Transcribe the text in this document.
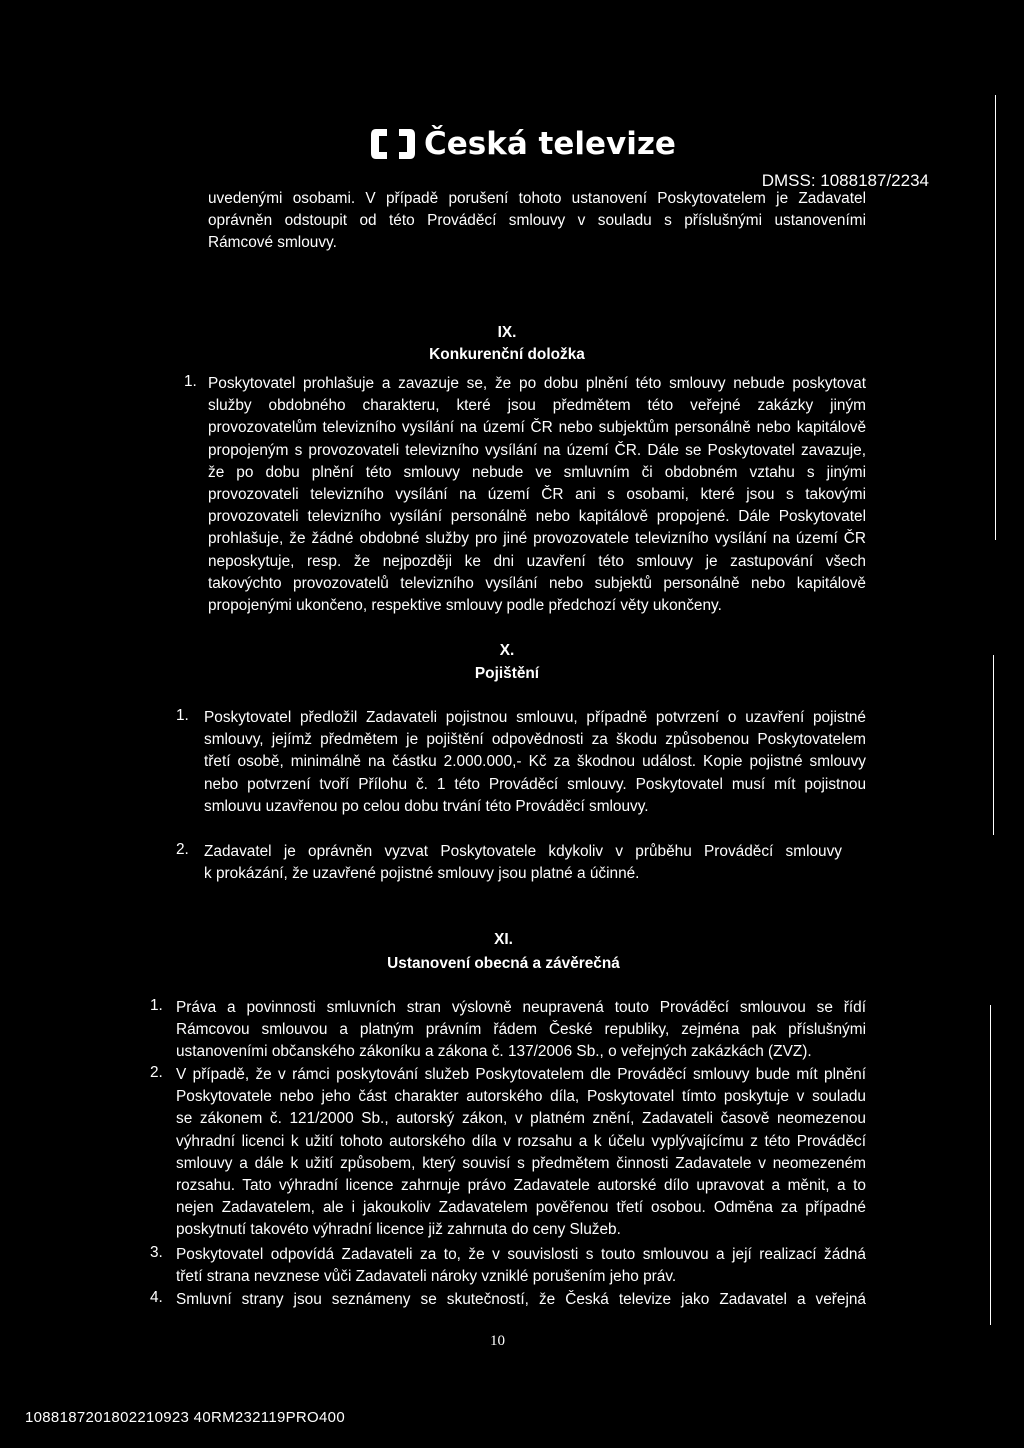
Česká televize
DMSS: 1088187/2234
uvedenými osobami. V případě porušení tohoto ustanovení Poskytovatelem je Zadavatel
oprávněn odstoupit od této Prováděcí smlouvy v souladu s příslušnými ustanoveními
Rámcové smlouvy.
IX.
Konkurenční doložka
1. Poskytovatel prohlašuje a zavazuje se, že po dobu plnění této smlouvy nebude poskytovat
služby obdobného charakteru, které jsou předmětem této veřejné zakázky jiným
provozovatelům televizního vysílání na území ČR nebo subjektům personálně nebo kapitálově
propojeným s provozovateli televizního vysílání na území ČR. Dále se Poskytovatel zavazuje,
že po dobu plnění této smlouvy nebude ve smluvním či obdobném vztahu s jinými
provozovateli televizního vysílání na území ČR ani s osobami, které jsou s takovými
provozovateli televizního vysílání personálně nebo kapitálově propojené. Dále Poskytovatel
prohlašuje, že žádné obdobné služby pro jiné provozovatele televizního vysílání na území ČR
neposkytuje, resp. že nejpozději ke dni uzavření této smlouvy je zastupování všech
takovýchto provozovatelů televizního vysílání nebo subjektů personálně nebo kapitálově
propojenými ukončeno, respektive smlouvy podle předchozí věty ukončeny.
X.
Pojištění
1. Poskytovatel předložil Zadavateli pojistnou smlouvu, případně potvrzení o uzavření pojistné
smlouvy, jejímž předmětem je pojištění odpovědnosti za škodu způsobenou Poskytovatelem
třetí osobě, minimálně na částku 2.000.000,- Kč za škodnou událost. Kopie pojistné smlouvy
nebo potvrzení tvoří Přílohu č. 1 této Prováděcí smlouvy. Poskytovatel musí mít pojistnou
smlouvu uzavřenou po celou dobu trvání této Prováděcí smlouvy.
2. Zadavatel je oprávněn vyzvat Poskytovatele kdykoliv v průběhu Prováděcí smlouvy
k prokázání, že uzavřené pojistné smlouvy jsou platné a účinné.
XI.
Ustanovení obecná a závěrečná
1. Práva a povinnosti smluvních stran výslovně neupravená touto Prováděcí smlouvou se řídí
Rámcovou smlouvou a platným právním řádem České republiky, zejména pak příslušnými
ustanoveními občanského zákoníku a zákona č. 137/2006 Sb., o veřejných zakázkách (ZVZ).
2. V případě, že v rámci poskytování služeb Poskytovatelem dle Prováděcí smlouvy bude mít plnění
Poskytovatele nebo jeho část charakter autorského díla, Poskytovatel tímto poskytuje v souladu
se zákonem č. 121/2000 Sb., autorský zákon, v platném znění, Zadavateli časově neomezenou
výhradní licenci k užití tohoto autorského díla v rozsahu a k účelu vyplývajícímu z této Prováděcí
smlouvy a dále k užití způsobem, který souvisí s předmětem činnosti Zadavatele v neomezeném
rozsahu. Tato výhradní licence zahrnuje právo Zadavatele autorské dílo upravovat a měnit, a to
nejen Zadavatelem, ale i jakoukoliv Zadavatelem pověřenou třetí osobou. Odměna za případné
poskytnutí takovéto výhradní licence již zahrnuta do ceny Služeb.
3. Poskytovatel odpovídá Zadavateli za to, že v souvislosti s touto smlouvou a její realizací žádná
třetí strana nevznese vůči Zadavateli nároky vzniklé porušením jeho práv.
4. Smluvní strany jsou seznámeny se skutečností, že Česká televize jako Zadavatel a veřejná
10
1088187201802210923 40RM232119PRO400
